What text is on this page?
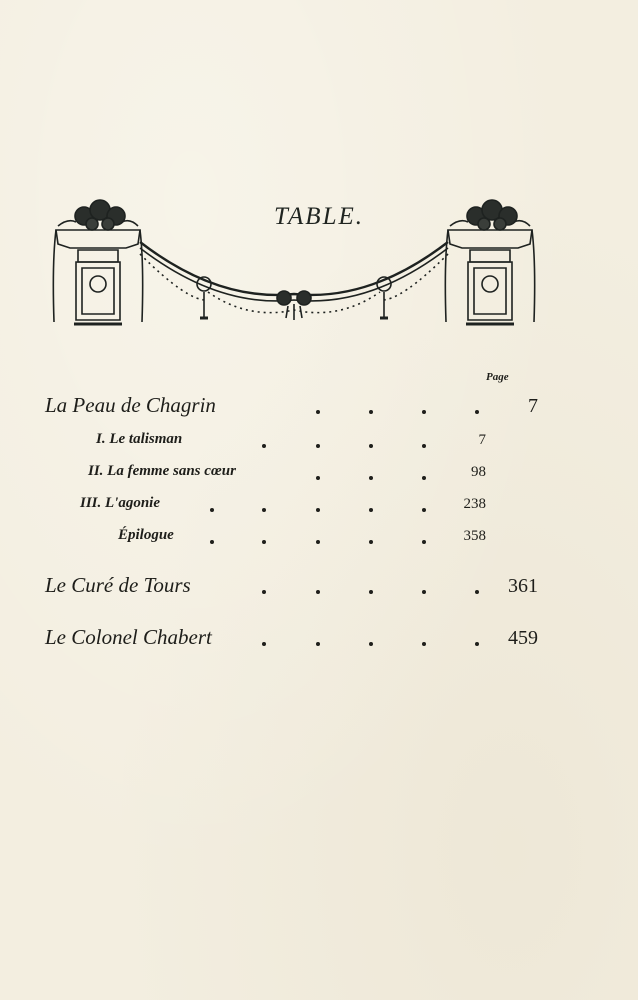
TABLE.
Page
La Peau de Chagrin	7
I. Le talisman	7
II. La femme sans cœur	98
III. L'agonie	238
Épilogue	358
Le Curé de Tours	361
Le Colonel Chabert	459
